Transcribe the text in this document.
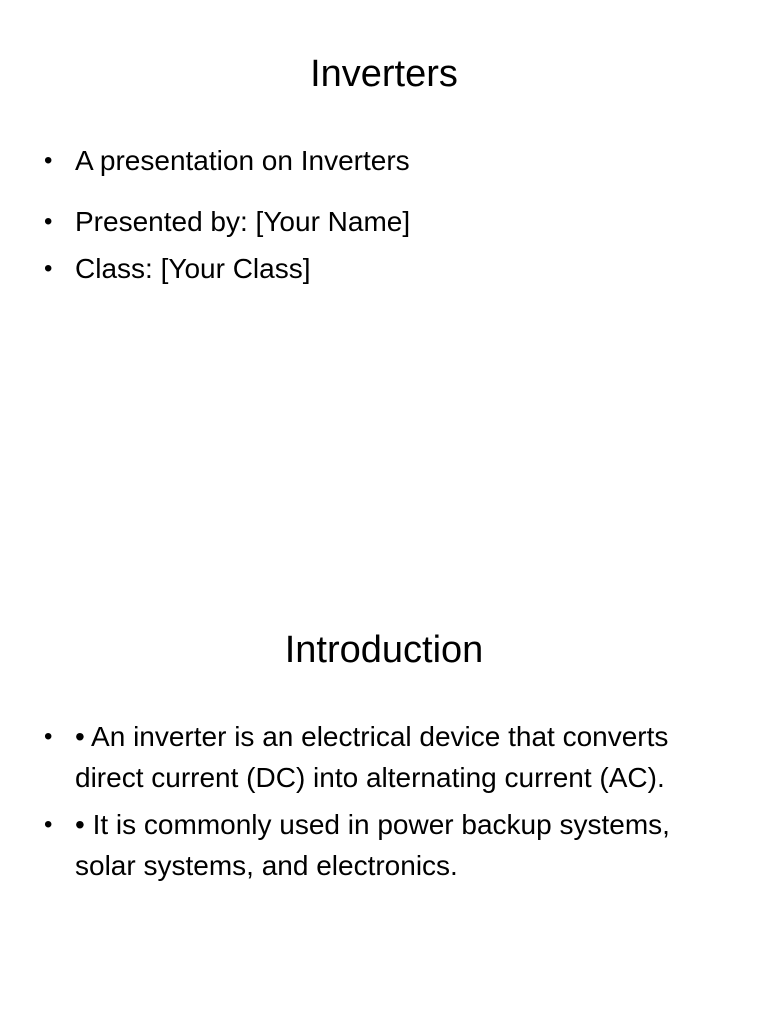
Inverters
• A presentation on Inverters
• Presented by: [Your Name]
• Class: [Your Class]
Introduction
• • An inverter is an electrical device that converts direct current (DC) into alternating current (AC).
• • It is commonly used in power backup systems, solar systems, and electronics.
